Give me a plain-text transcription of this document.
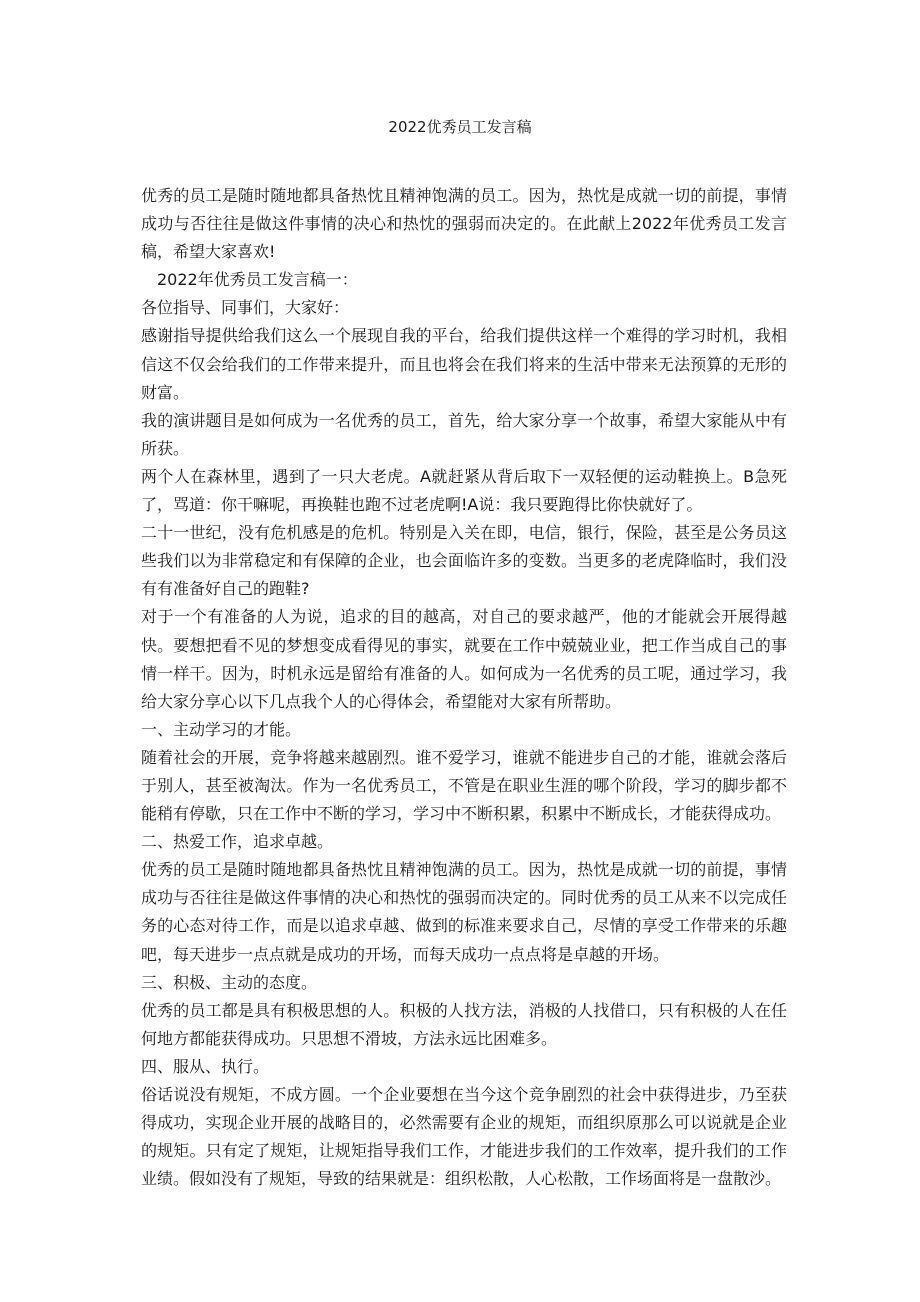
2022优秀员工发言稿

优秀的员工是随时随地都具备热忱且精神饱满的员工。因为，热忱是成就一切的前提，事情成功与否往往是做这件事情的决心和热忱的强弱而决定的。在此献上2022年优秀员工发言稿，希望大家喜欢!

2022年优秀员工发言稿一：

各位指导、同事们，大家好：

感谢指导提供给我们这么一个展现自我的平台，给我们提供这样一个难得的学习时机，我相信这不仅会给我们的工作带来提升，而且也将会在我们将来的生活中带来无法预算的无形的财富。

我的演讲题目是如何成为一名优秀的员工，首先，给大家分享一个故事，希望大家能从中有所获。

两个人在森林里，遇到了一只大老虎。A就赶紧从背后取下一双轻便的运动鞋换上。B急死了，骂道：你干嘛呢，再换鞋也跑不过老虎啊!A说：我只要跑得比你快就好了。

二十一世纪，没有危机感是的危机。特别是入关在即，电信，银行，保险，甚至是公务员这些我们以为非常稳定和有保障的企业，也会面临许多的变数。当更多的老虎降临时，我们没有有准备好自己的跑鞋?

对于一个有准备的人为说，追求的目的越高，对自己的要求越严，他的才能就会开展得越快。要想把看不见的梦想变成看得见的事实，就要在工作中兢兢业业，把工作当成自己的事情一样干。因为，时机永远是留给有准备的人。如何成为一名优秀的员工呢，通过学习，我给大家分享心以下几点我个人的心得体会，希望能对大家有所帮助。

一、主动学习的才能。

随着社会的开展，竞争将越来越剧烈。谁不爱学习，谁就不能进步自己的才能，谁就会落后于别人，甚至被淘汰。作为一名优秀员工，不管是在职业生涯的哪个阶段，学习的脚步都不能稍有停歇，只在工作中不断的学习，学习中不断积累，积累中不断成长，才能获得成功。

二、热爱工作，追求卓越。

优秀的员工是随时随地都具备热忱且精神饱满的员工。因为，热忱是成就一切的前提，事情成功与否往往是做这件事情的决心和热忱的强弱而决定的。同时优秀的员工从来不以完成任务的心态对待工作，而是以追求卓越、做到的标准来要求自己，尽情的享受工作带来的乐趣吧，每天进步一点点就是成功的开场，而每天成功一点点将是卓越的开场。

三、积极、主动的态度。

优秀的员工都是具有积极思想的人。积极的人找方法，消极的人找借口，只有积极的人在任何地方都能获得成功。只思想不滑坡，方法永远比困难多。

四、服从、执行。

俗话说没有规矩，不成方圆。一个企业要想在当今这个竞争剧烈的社会中获得进步，乃至获得成功，实现企业开展的战略目的，必然需要有企业的规矩，而组织原那么可以说就是企业的规矩。只有定了规矩，让规矩指导我们工作，才能进步我们的工作效率，提升我们的工作业绩。假如没有了规矩，导致的结果就是：组织松散，人心松散，工作场面将是一盘散沙。
